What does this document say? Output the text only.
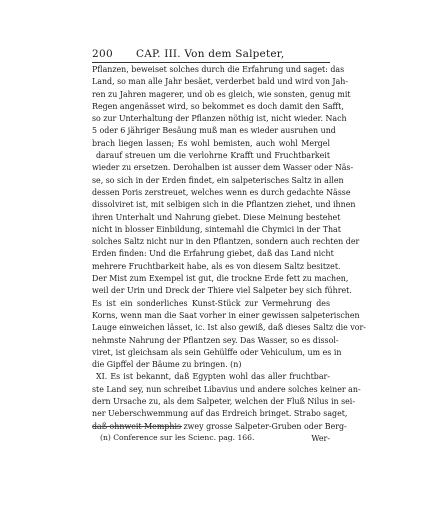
200 CAP. III. Von dem Salpeter,
Pflanzen, beweiset solches durch die Erfahrung und saget: das
Land, so man alle Jahr besäet, verderbet bald und wird von Jah-
ren zu Jahren magerer, und ob es gleich, wie sonsten, genug mit
Regen angenässet wird, so bekommet es doch damit den Safft,
so zur Unterhaltung der Pflanzen nöthig ist, nicht wieder. Nach
5 oder 6 jähriger Besäung muß man es wieder ausruhen und
brach liegen lassen; Es wohl bemisten, auch wohl Mergel
darauf streuen um die verlohrne Krafft und Fruchtbarkeit
wieder zu ersetzen. Derohalben ist ausser dem Wasser oder Näs-
se, so sich in der Erden findet, ein salpeterisches Saltz in allen
dessen Poris zerstreuet, welches wenn es durch gedachte Nässe
dissolviret ist, mit selbigen sich in die Pflantzen ziehet, und ihnen
ihren Unterhalt und Nahrung giebet. Diese Meinung bestehet
nicht in blosser Einbildung, sintemahl die Chymici in der That
solches Saltz nicht nur in den Pflantzen, sondern auch rechten der
Erden finden: Und die Erfahrung giebet, daß das Land nicht
mehrere Fruchtbarkeit habe, als es von diesem Saltz besitzet.
Der Mist zum Exempel ist gut, die trockne Erde fett zu machen,
weil der Urin und Dreck der Thiere viel Salpeter bey sich führet.
Es ist ein sonderliches Kunst-Stück zur Vermehrung des
Korns, wenn man die Saat vorher in einer gewissen salpeterischen
Lauge einweichen lässet, ic. Ist also gewiß, daß dieses Saltz die vor-
nehmste Nahrung der Pflantzen sey. Das Wasser, so es dissol-
viret, ist gleichsam als sein Gehülffe oder Vehiculum, um es in
die Gipffel der Bäume zu bringen. (n)
XI. Es ist bekannt, daß Egypten wohl das aller fruchtbar-
ste Land sey, nun schreibet Libavius und andere solches keiner an-
dern Ursache zu, als dem Salpeter, welchen der Fluß Nilus in sei-
ner Ueberschwemmung auf das Erdreich bringet. Strabo saget,
daß ohnweit Memphis zwey grosse Salpeter-Gruben oder Berg-
Wer-
(n) Conference sur les Scienc. pag. 166.
